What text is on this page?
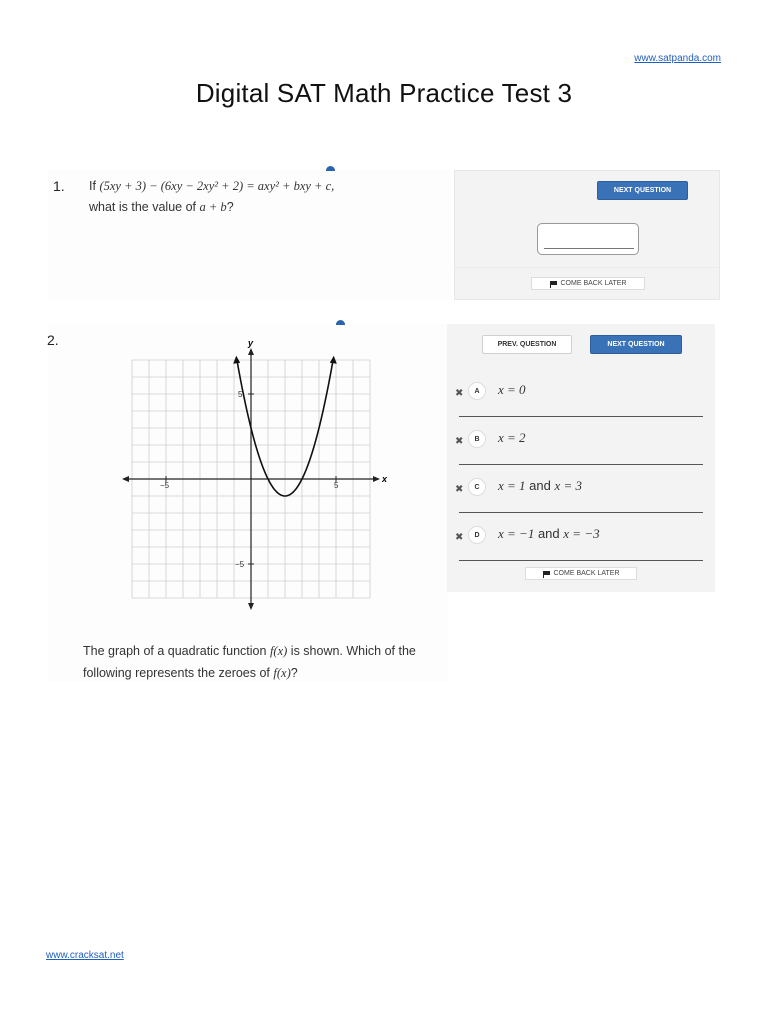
www.satpanda.com
Digital SAT Math Practice Test 3
1. If (5xy + 3) − (6xy − 2xy² + 2) = axy² + bxy + c,
what is the value of a + b?
NEXT QUESTION
COME BACK LATER
2.
x
y
−5	5
5
−5
The graph of a quadratic function f(x) is shown. Which of the following represents the zeroes of f(x)?
PREV. QUESTION	NEXT QUESTION
✖	A	x = 0
✖	B	x = 2
✖	C	x = 1 and x = 3
✖	D	x = −1 and x = −3
COME BACK LATER
www.cracksat.net
